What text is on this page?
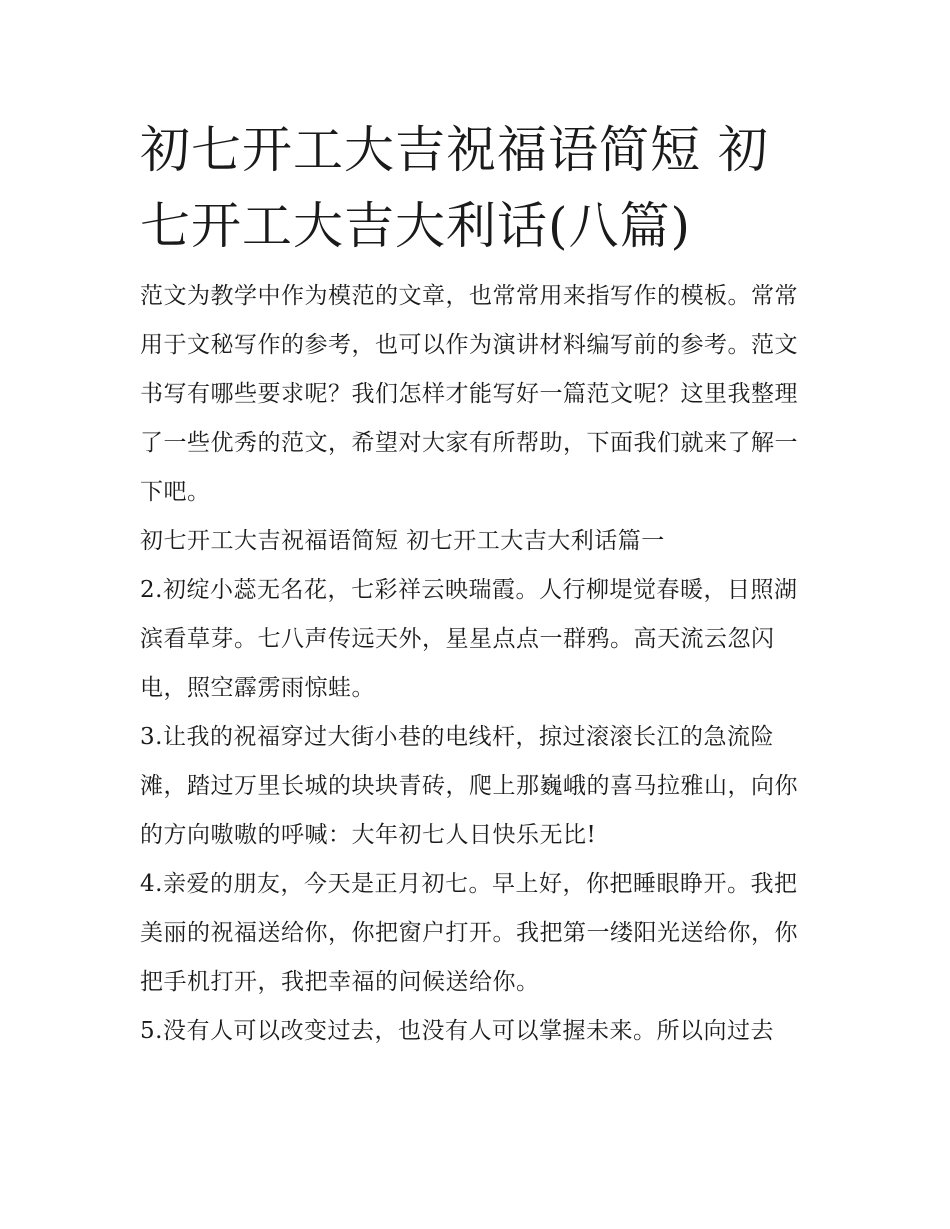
初七开工大吉祝福语简短 初七开工大吉大利话(八篇)

范文为教学中作为模范的文章，也常常用来指写作的模板。常常用于文秘写作的参考，也可以作为演讲材料编写前的参考。范文书写有哪些要求呢？我们怎样才能写好一篇范文呢？这里我整理了一些优秀的范文，希望对大家有所帮助，下面我们就来了解一下吧。

初七开工大吉祝福语简短 初七开工大吉大利话篇一

2.初绽小蕊无名花，七彩祥云映瑞霞。人行柳堤觉春暖，日照湖滨看草芽。七八声传远天外，星星点点一群鸦。高天流云忽闪电，照空霹雳雨惊蛙。

3.让我的祝福穿过大街小巷的电线杆，掠过滚滚长江的急流险滩，踏过万里长城的块块青砖，爬上那巍峨的喜马拉雅山，向你的方向嗷嗷的呼喊：大年初七人日快乐无比!

4.亲爱的朋友，今天是正月初七。早上好，你把睡眼睁开。我把美丽的祝福送给你，你把窗户打开。我把第一缕阳光送给你，你把手机打开，我把幸福的问候送给你。

5.没有人可以改变过去，也没有人可以掌握未来。所以向过去
